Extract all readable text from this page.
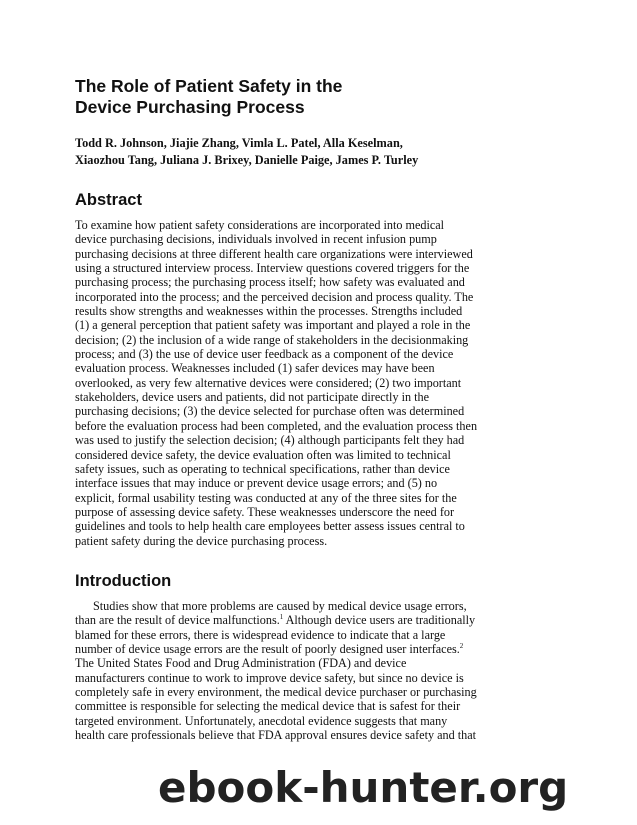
The Role of Patient Safety in the
Device Purchasing Process
Todd R. Johnson, Jiajie Zhang, Vimla L. Patel, Alla Keselman,
Xiaozhou Tang, Juliana J. Brixey, Danielle Paige, James P. Turley
Abstract
To examine how patient safety considerations are incorporated into medical
device purchasing decisions, individuals involved in recent infusion pump
purchasing decisions at three different health care organizations were interviewed
using a structured interview process. Interview questions covered triggers for the
purchasing process; the purchasing process itself; how safety was evaluated and
incorporated into the process; and the perceived decision and process quality. The
results show strengths and weaknesses within the processes. Strengths included
(1) a general perception that patient safety was important and played a role in the
decision; (2) the inclusion of a wide range of stakeholders in the decisionmaking
process; and (3) the use of device user feedback as a component of the device
evaluation process. Weaknesses included (1) safer devices may have been
overlooked, as very few alternative devices were considered; (2) two important
stakeholders, device users and patients, did not participate directly in the
purchasing decisions; (3) the device selected for purchase often was determined
before the evaluation process had been completed, and the evaluation process then
was used to justify the selection decision; (4) although participants felt they had
considered device safety, the device evaluation often was limited to technical
safety issues, such as operating to technical specifications, rather than device
interface issues that may induce or prevent device usage errors; and (5) no
explicit, formal usability testing was conducted at any of the three sites for the
purpose of assessing device safety. These weaknesses underscore the need for
guidelines and tools to help health care employees better assess issues central to
patient safety during the device purchasing process.
Introduction
Studies show that more problems are caused by medical device usage errors,
than are the result of device malfunctions.$^1$ Although device users are traditionally
blamed for these errors, there is widespread evidence to indicate that a large
number of device usage errors are the result of poorly designed user interfaces.$^2$
The United States Food and Drug Administration (FDA) and device
manufacturers continue to work to improve device safety, but since no device is
completely safe in every environment, the medical device purchaser or purchasing
committee is responsible for selecting the medical device that is safest for their
targeted environment. Unfortunately, anecdotal evidence suggests that many
health care professionals believe that FDA approval ensures device safety and that
ebook-hunter.org
